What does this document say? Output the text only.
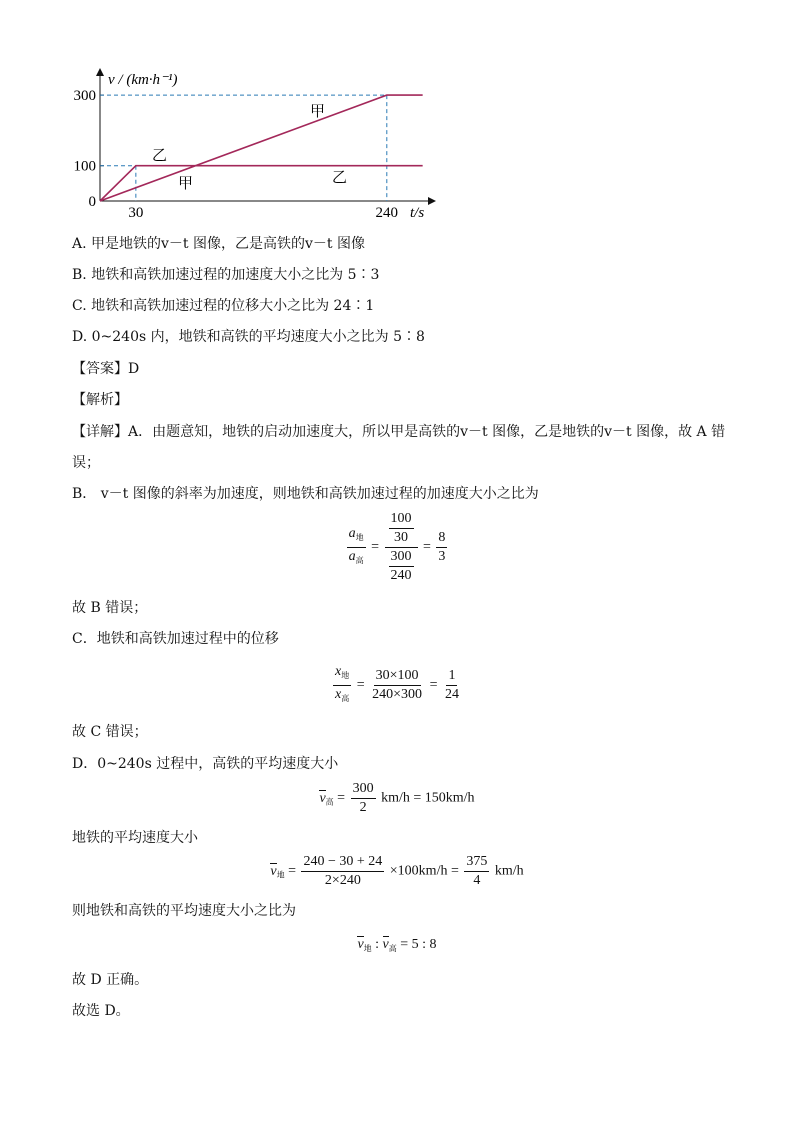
v / (km·h⁻¹)
t/s
0
100
300
30	240
甲
甲
乙
乙
A. 甲是地铁的v－t 图像，乙是高铁的v－t 图像
B. 地铁和高铁加速过程的加速度大小之比为 5∶3
C. 地铁和高铁加速过程的位移大小之比为 24∶1
D. 0~240s 内，地铁和高铁的平均速度大小之比为 5∶8
【答案】D
【解析】
【详解】A．由题意知，地铁的启动加速度大，所以甲是高铁的v－t 图像，乙是地铁的v－t 图像，故 A 错
误；
B． v－t 图像的斜率为加速度，则地铁和高铁加速过程的加速度大小之比为
$\frac{a_地}{a_高} = \frac{\frac{100}{30}}{\frac{300}{240}} = \frac{8}{3}$
故 B 错误；
C．地铁和高铁加速过程中的位移
$\frac{x_地}{x_高} = \frac{30\times 100}{240\times 300} = \frac{1}{24}$
故 C 错误；
D．0~240s 过程中，高铁的平均速度大小
$v_高 = \frac{300}{2} km/h = 150km/h$
地铁的平均速度大小
$v_地 = \frac{240 - 30 + 24}{2\times 240} \times 100km/h = \frac{375}{4} km/h$
则地铁和高铁的平均速度大小之比为
$v_地$ : $v_高 = 5$ : 8
故 D 正确。
故选 D。
